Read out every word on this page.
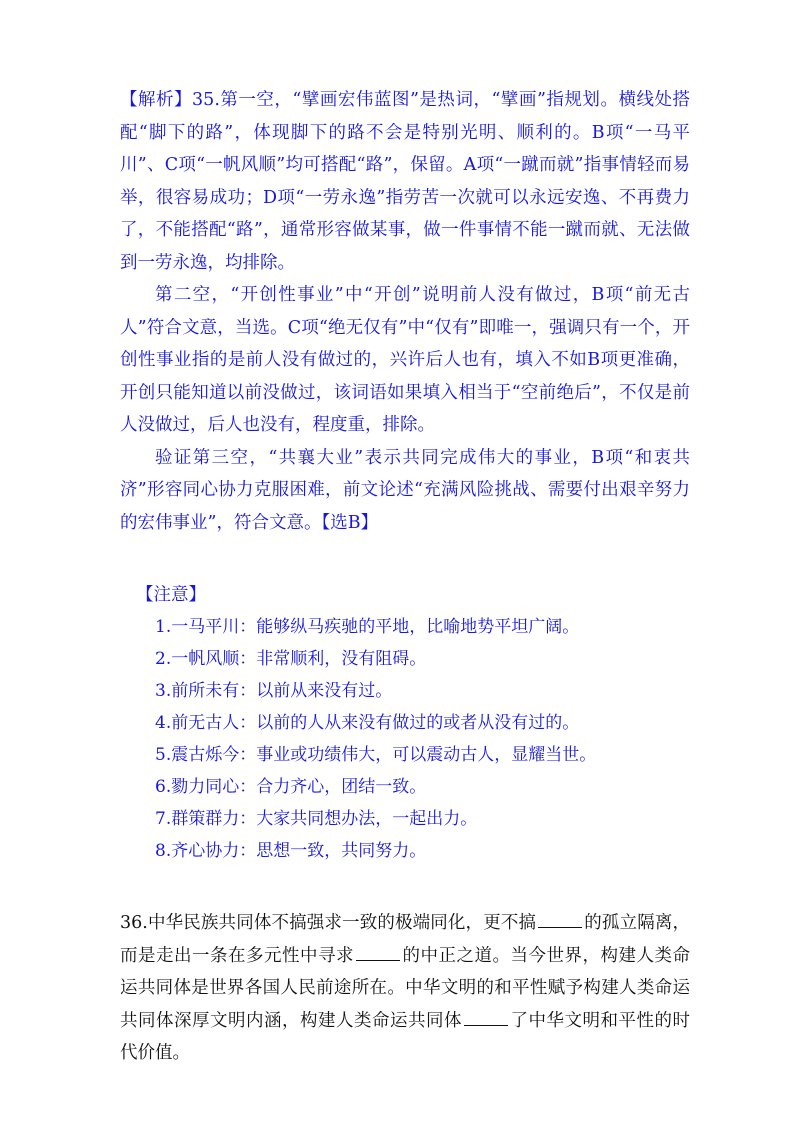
【解析】35.第一空，“擘画宏伟蓝图”是热词，“擘画”指规划。横线处搭配“脚下的路”，体现脚下的路不会是特别光明、顺利的。B项“一马平川”、C项“一帆风顺”均可搭配“路”，保留。A项“一蹴而就”指事情轻而易举，很容易成功；D项“一劳永逸”指劳苦一次就可以永远安逸、不再费力了，不能搭配“路”，通常形容做某事，做一件事情不能一蹴而就、无法做到一劳永逸，均排除。

第二空，“开创性事业”中“开创”说明前人没有做过，B项“前无古人”符合文意，当选。C项“绝无仅有”中“仅有”即唯一，强调只有一个，开创性事业指的是前人没有做过的，兴许后人也有，填入不如B项更准确，开创只能知道以前没做过，该词语如果填入相当于“空前绝后”，不仅是前人没做过，后人也没有，程度重，排除。

验证第三空，“共襄大业”表示共同完成伟大的事业，B项“和衷共济”形容同心协力克服困难，前文论述“充满风险挑战、需要付出艰辛努力的宏伟事业”，符合文意。【选B】

【注意】

1.一马平川：能够纵马疾驰的平地，比喻地势平坦广阔。
2.一帆风顺：非常顺利，没有阻碍。
3.前所未有：以前从来没有过。
4.前无古人：以前的人从来没有做过的或者从没有过的。
5.震古烁今：事业或功绩伟大，可以震动古人，显耀当世。
6.勠力同心：合力齐心，团结一致。
7.群策群力：大家共同想办法，一起出力。
8.齐心协力：思想一致，共同努力。

36.中华民族共同体不搞强求一致的极端同化，更不搞	的孤立隔离，而是走出一条在多元性中寻求	的中正之道。当今世界，构建人类命运共同体是世界各国人民前途所在。中华文明的和平性赋予构建人类命运共同体深厚文明内涵，构建人类命运共同体	了中华文明和平性的时代价值。
